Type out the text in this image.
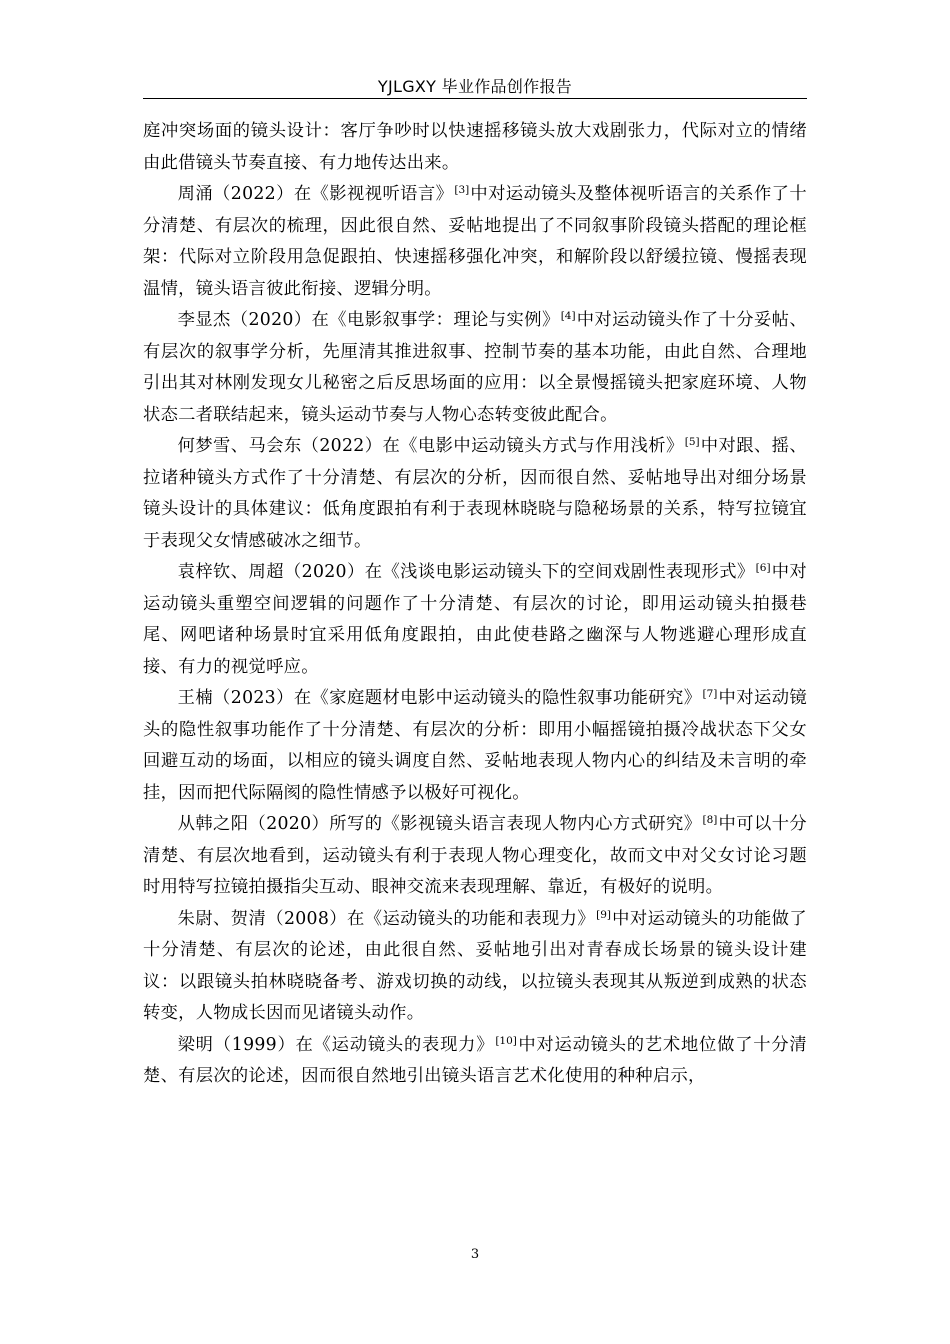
YJLGXY 毕业作品创作报告

庭冲突场面的镜头设计：客厅争吵时以快速摇移镜头放大戏剧张力，代际对立的情绪由此借镜头节奏直接、有力地传达出来。

周涌（2022）在《影视视听语言》[3]中对运动镜头及整体视听语言的关系作了十分清楚、有层次的梳理，因此很自然、妥帖地提出了不同叙事阶段镜头搭配的理论框架：代际对立阶段用急促跟拍、快速摇移强化冲突，和解阶段以舒缓拉镜、慢摇表现温情，镜头语言彼此衔接、逻辑分明。

李显杰（2020）在《电影叙事学：理论与实例》[4]中对运动镜头作了十分妥帖、有层次的叙事学分析，先厘清其推进叙事、控制节奏的基本功能，由此自然、合理地引出其对林刚发现女儿秘密之后反思场面的应用：以全景慢摇镜头把家庭环境、人物状态二者联结起来，镜头运动节奏与人物心态转变彼此配合。

何梦雪、马会东（2022）在《电影中运动镜头方式与作用浅析》[5]中对跟、摇、拉诸种镜头方式作了十分清楚、有层次的分析，因而很自然、妥帖地导出对细分场景镜头设计的具体建议：低角度跟拍有利于表现林晓晓与隐秘场景的关系，特写拉镜宜于表现父女情感破冰之细节。

袁梓钦、周超（2020）在《浅谈电影运动镜头下的空间戏剧性表现形式》[6]中对运动镜头重塑空间逻辑的问题作了十分清楚、有层次的讨论，即用运动镜头拍摄巷尾、网吧诸种场景时宜采用低角度跟拍，由此使巷路之幽深与人物逃避心理形成直接、有力的视觉呼应。

王楠（2023）在《家庭题材电影中运动镜头的隐性叙事功能研究》[7]中对运动镜头的隐性叙事功能作了十分清楚、有层次的分析：即用小幅摇镜拍摄冷战状态下父女回避互动的场面，以相应的镜头调度自然、妥帖地表现人物内心的纠结及未言明的牵挂，因而把代际隔阂的隐性情感予以极好可视化。

从韩之阳（2020）所写的《影视镜头语言表现人物内心方式研究》[8]中可以十分清楚、有层次地看到，运动镜头有利于表现人物心理变化，故而文中对父女讨论习题时用特写拉镜拍摄指尖互动、眼神交流来表现理解、靠近，有极好的说明。

朱尉、贺清（2008）在《运动镜头的功能和表现力》[9]中对运动镜头的功能做了十分清楚、有层次的论述，由此很自然、妥帖地引出对青春成长场景的镜头设计建议：以跟镜头拍林晓晓备考、游戏切换的动线，以拉镜头表现其从叛逆到成熟的状态转变，人物成长因而见诸镜头动作。

梁明（1999）在《运动镜头的表现力》[10]中对运动镜头的艺术地位做了十分清楚、有层次的论述，因而很自然地引出镜头语言艺术化使用的种种启示，

3
